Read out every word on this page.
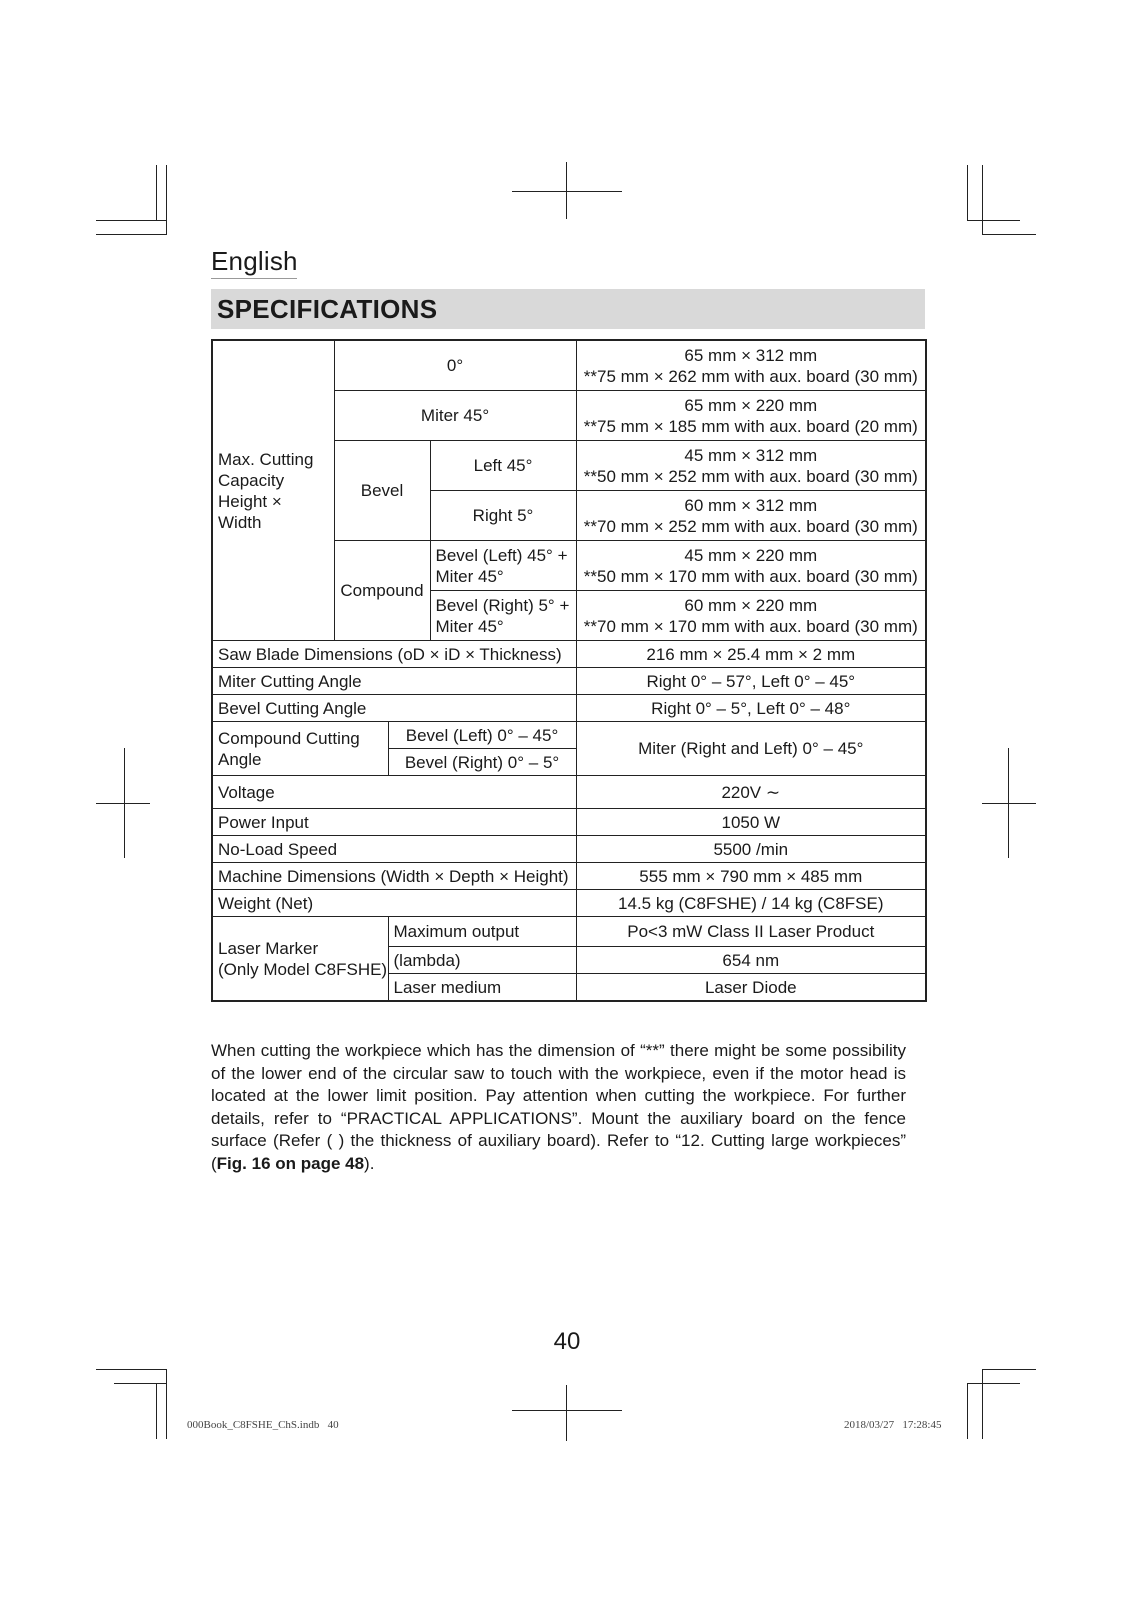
English
SPECIFICATIONS
Max. Cutting Capacity Height × Width	0°			65 mm × 312 mm
**75 mm × 262 mm with aux. board (30 mm)

	Miter 45°			65 mm × 220 mm
**75 mm × 185 mm with aux. board (20 mm)

	Bevel		Left 45°	45 mm × 312 mm
**50 mm × 252 mm with aux. board (30 mm)

			Right 5°	60 mm × 312 mm
**70 mm × 252 mm with aux. board (30 mm)

	Compound		Bevel (Left) 45° +
Miter 45°	45 mm × 220 mm
**50 mm × 170 mm with aux. board (30 mm)

			Bevel (Right) 5° +
Miter 45°	60 mm × 220 mm
**70 mm × 170 mm with aux. board (30 mm)

Saw Blade Dimensions (oD × iD × Thickness)				216 mm × 25.4 mm × 2 mm
Miter Cutting Angle				Right 0° – 57°, Left 0° – 45°
Bevel Cutting Angle				Right 0° – 5°, Left 0° – 48°
Compound Cutting Angle		Bevel (Left) 0° – 45°		Miter (Right and Left) 0° – 45°
		Bevel (Right) 0° – 5°		
Voltage				220V ∼
Power Input				1050 W
No-Load Speed				5500 /min
Machine Dimensions (Width × Depth × Height)				555 mm × 790 mm × 485 mm
Weight (Net)				14.5 kg (C8FSHE) / 14 kg (C8FSE)

Laser Marker
(Only Model C8FSHE)		Maximum output		Po<3 mW Class II Laser Product
		(lambda)		654 nm
		Laser medium		Laser Diode
When cutting the workpiece which has the dimension of “**” there might be some possibility of the lower end of the circular saw to touch with the workpiece, even if the motor head is located at the lower limit position. Pay attention when cutting the workpiece. For further details, refer to “PRACTICAL APPLICATIONS”. Mount the auxiliary board on the fence surface (Refer ( ) the thickness of auxiliary board). Refer to “12. Cutting large workpieces” (Fig. 16 on page 48).
40
000Book_C8FSHE_ChS.indb   40	2018/03/27   17:28:45
